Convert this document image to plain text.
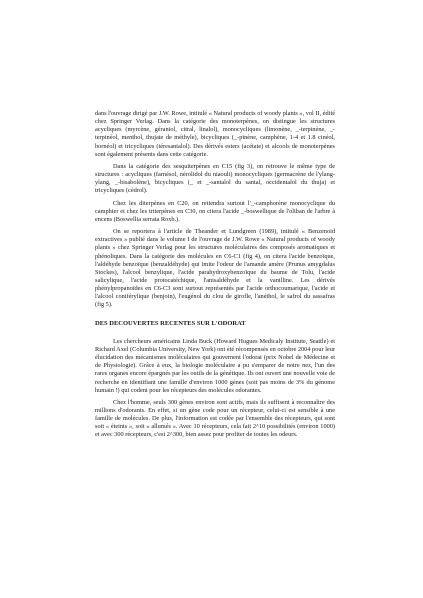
dans l'ouvrage dirigé par J.W. Rowe, intitulé « Natural products of woody plants », vol II, édité chez Springer Verlag. Dans la catégorie des monoterpènes, on distingue les structures acycliques (myrcène, géraniol, citral, linalol), monocycliques (limonène, _-terpinène, _-terpinéol, menthol, thujate de méthyle), bicycliques (_-pinène, camphène, 1-4 et 1.8 cinéol, bornéol) et tricycliques (téresantalol). Des dérivés esters (acétate) et alcools de monoterpènes sont également présents dans cette catégorie.

Dans la catégorie des sesquiterpènes en C15 (fig 3), on retrouve le même type de structures : acycliques (farnésol, nérolidol du niaouli) monocycliques (germacrène de l'ylang-ylang, _-bisabolène), bicycliques (_ et _-santalol du santal, occidentalol du thuja) et tricycliques (cédrol).

Chez les diterpènes en C20, on retiendra surtout l'_-camphorène monocyclique du camphier et chez les triterpènes en C30, on citera l'acide _-boswellique de l'oliban de l'arbre à encens (Boswellia serrata Roxb.).

On se reportera à l'article de Theander et Lundgreen (1989), intitulé « Benzenoid extractives » publié dans le volume I de l'ouvrage de J.W. Rowe « Natural products of woody plants » chez Springer Verlag pour les structures moléculaires des composés aromatiques et phénoliques. Dans la catégorie des molécules en C6-C1 (fig 4), on citera l'acide benzoïque, l'aldéhyde benzoïque (benzaldéhyde) qui imite l'odeur de l'amande amère (Prunus amygdalus Stockes), l'alcool benzylique, l'acide parahydroxybenzoïque du baume de Tolu, l'acide salicylique, l'acide protocatéchique, l'anisaldéhyde et la vanilline. Les dérivés phénylpropanoïdes en C6-C3 sont surtout représentés par l'acide orthocoumarique, l'acide et l'alcool coniférylique (benjoin), l'eugénol du clou de girofle, l'anéthol, le safrol du sassafras (fig 5).

DES DECOUVERTES RECENTES SUR L'ODORAT

Les chercheurs américains Linda Buck (Howard Hugues Medicaly Institute, Seattle) et Richard Axel (Columbia University, New York) ont été récompensés en octobre 2004 pour leur élucidation des mécanismes moléculaires qui gouvernent l'odorat (prix Nobel de Médecine et de Physiologie). Grâce à eux, la biologie moléculaire a pu s'emparer de notre nez, l'un des rares organes encore épargnés par les outils de la génétique. Ils ont ouvert une nouvelle voie de recherche en identifiant une famille d'environ 1000 gènes (soit pas moins de 3% du génome humain !) qui codent pour les récepteurs des molécules odorantes.

Chez l'homme, seuls 300 gènes environ sont actifs, mais ils suffisent à reconnaître des millions d'odorants. En effet, si un gène code pour un récepteur, celui-ci est sensible à une famille de molécules. De plus, l'information est codée par l'ensemble des récepteurs, qui sont soit « éteints », soit « allumés ». Avec 10 récepteurs, cela fait 2^10 possibilités (environ 1000) et avec 300 récepteurs, c'est 2^300, bien assez pour profiter de toutes les odeurs.
